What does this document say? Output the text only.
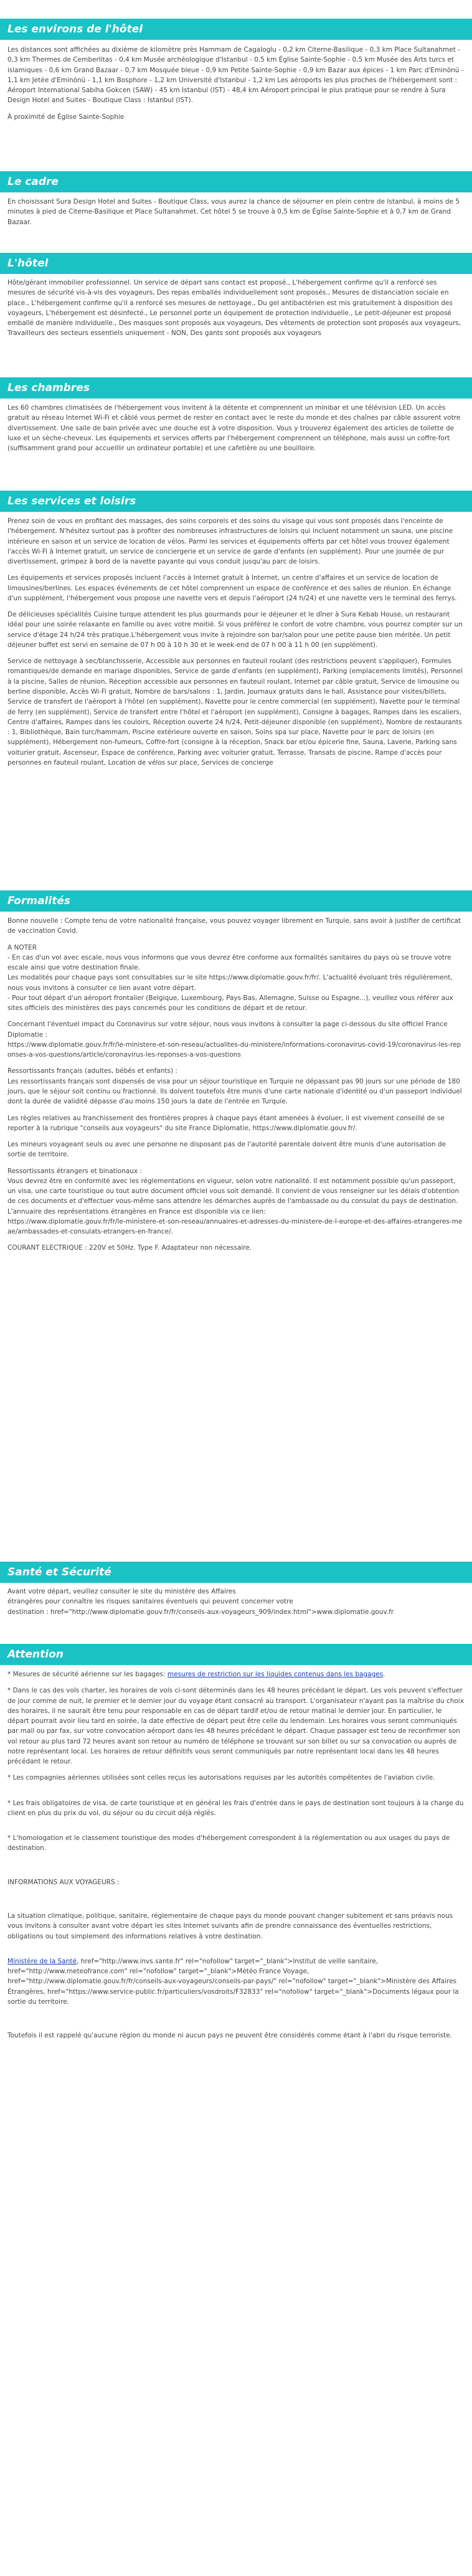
Les environs de l'hôtel

Les distances sont affichées au dixième de kilomètre près Hammam de Cagaloglu - 0,2 km Citerne-Basilique - 0,3 km Place Sultanahmet - 0,3 km Thermes de Cemberlitas - 0,4 km Musée archéologique d'Istanbul - 0,5 km Église Sainte-Sophie - 0,5 km Musée des Arts turcs et islamiques - 0,6 km Grand Bazaar - 0,7 km Mosquée bleue - 0,9 km Petite Sainte-Sophie - 0,9 km Bazar aux épices - 1 km Parc d'Eminönü - 1,1 km Jetée d'Eminönü - 1,1 km Bosphore - 1,2 km Université d'Istanbul - 1,2 km Les aéroports les plus proches de l'hébergement sont : Aéroport International Sabiha Gokcen (SAW) - 45 km Istanbul (IST) - 48,4 km Aéroport principal le plus pratique pour se rendre à Sura Design Hotel and Suites - Boutique Class : Istanbul (IST).

À proximité de Église Sainte-Sophie

Le cadre

En choisissant Sura Design Hotel and Suites - Boutique Class, vous aurez la chance de séjourner en plein centre de Istanbul, à moins de 5 minutes à pied de Citerne-Basilique et Place Sultanahmet. Cet hôtel 5 se trouve à 0,5 km de Église Sainte-Sophie et à 0,7 km de Grand Bazaar.

L'hôtel

Hôte/gérant immobilier professionnel. Un service de départ sans contact est proposé., L'hébergement confirme qu'il a renforcé ses mesures de sécurité vis-à-vis des voyageurs, Des repas emballés individuellement sont proposés., Mesures de distanciation sociale en place., L'hébergement confirme qu'il a renforcé ses mesures de nettoyage., Du gel antibactérien est mis gratuitement à disposition des voyageurs, L'hébergement est désinfecté., Le personnel porte un équipement de protection individuelle., Le petit-déjeuner est proposé emballé de manière individuelle., Des masques sont proposés aux voyageurs, Des vêtements de protection sont proposés aux voyageurs, Travailleurs des secteurs essentiels uniquement - NON, Des gants sont proposés aux voyageurs

Les chambres

Les 60 chambres climatisées de l'hébergement vous invitent à la détente et comprennent un minibar et une télévision LED. Un accès gratuit au réseau Internet Wi-Fi et câblé vous permet de rester en contact avec le reste du monde et des chaînes par câble assurent votre divertissement. Une salle de bain privée avec une douche est à votre disposition. Vous y trouverez également des articles de toilette de luxe et un sèche-cheveux. Les équipements et services offerts par l'hébergement comprennent un téléphone, mais aussi un coffre-fort (suffisamment grand pour accueillir un ordinateur portable) et une cafetière ou une bouilloire.

Les services et loisirs

Prenez soin de vous en profitant des massages, des soins corporels et des soins du visage qui vous sont proposés dans l'enceinte de l'hébergement. N'hésitez surtout pas à profiter des nombreuses infrastructures de loisirs qui incluent notamment un sauna, une piscine intérieure en saison et un service de location de vélos. Parmi les services et équipements offerts par cet hôtel vous trouvez également l'accès Wi-Fi à Internet gratuit, un service de conciergerie et un service de garde d'enfants (en supplément). Pour une journée de pur divertissement, grimpez à bord de la navette payante qui vous conduit jusqu'au parc de loisirs.

Les équipements et services proposés incluent l'accès à Internet gratuit à Internet, un centre d'affaires et un service de location de limousines/berlines. Les espaces événements de cet hôtel comprennent un espace de conférence et des salles de réunion. En échange d'un supplément, l'hébergement vous propose une navette vers et depuis l'aéroport (24 h/24) et une navette vers le terminal des ferrys.

De délicieuses spécialités Cuisine turque attendent les plus gourmands pour le déjeuner et le dîner à Sura Kebab House, un restaurant idéal pour une soirée relaxante en famille ou avec votre moitié. Si vous préférez le confort de votre chambre, vous pourrez compter sur un service d'étage 24 h/24 très pratique.L'hébergement vous invite à rejoindre son bar/salon pour une petite pause bien méritée. Un petit déjeuner buffet est servi en semaine de 07 h 00 à 10 h 30 et le week-end de 07 h 00 à 11 h 00 (en supplément).

Service de nettoyage à sec/blanchisserie, Accessible aux personnes en fauteuil roulant (des restrictions peuvent s'appliquer), Formules romantiques/de demande en mariage disponibles, Service de garde d'enfants (en supplément), Parking (emplacements limités), Personnel à la piscine, Salles de réunion, Réception accessible aux personnes en fauteuil roulant, Internet par câble gratuit, Service de limousine ou berline disponible, Accès Wi-Fi gratuit, Nombre de bars/salons : 1, Jardin, Journaux gratuits dans le hall, Assistance pour visites/billets, Service de transfert de l'aéroport à l'hôtel (en supplément), Navette pour le centre commercial (en supplément), Navette pour le terminal de ferry (en supplément), Service de transfert entre l'hôtel et l'aéroport (en supplément), Consigne à bagages, Rampes dans les escaliers, Centre d'affaires, Rampes dans les couloirs, Réception ouverte 24 h/24, Petit-déjeuner disponible (en supplément), Nombre de restaurants : 1, Bibliothèque, Bain turc/hammam, Piscine extérieure ouverte en saison, Soins spa sur place, Navette pour le parc de loisirs (en supplément), Hébergement non-fumeurs, Coffre-fort (consigne à la réception, Snack bar et/ou épicerie fine, Sauna, Laverie, Parking sans voiturier gratuit, Ascenseur, Espace de conférence, Parking avec voiturier gratuit, Terrasse, Transats de piscine, Rampe d'accès pour personnes en fauteuil roulant, Location de vélos sur place, Services de concierge

Formalités

Bonne nouvelle : Compte tenu de votre nationalité française, vous pouvez voyager librement en Turquie, sans avoir à justifier de certificat de vaccination Covid.

A NOTER
- En cas d'un vol avec escale, nous vous informons que vous devrez être conforme aux formalités sanitaires du pays où se trouve votre escale ainsi que votre destination finale.
Les modalités pour chaque pays sont consultables sur le site https://www.diplomatie.gouv.fr/fr/. L'actualité évoluant très régulièrement, nous vous invitons à consulter ce lien avant votre départ.
- Pour tout départ d'un aéroport frontalier (Belgique, Luxembourg, Pays-Bas, Allemagne, Suisse ou Espagne...), veuillez vous référer aux sites officiels des ministères des pays concernés pour les conditions de départ et de retour.
Concernant l'éventuel impact du Coronavirus sur votre séjour, nous vous invitons à consulter la page ci-dessous du site officiel France Diplomatie :
https://www.diplomatie.gouv.fr/fr/le-ministere-et-son-reseau/actualites-du-ministere/informations-coronavirus-covid-19/coronavirus-les-reponses-a-vos-questions/article/coronavirus-les-reponses-a-vos-questions
Ressortissants français (adultes, bébés et enfants) :
Les ressortissants français sont dispensés de visa pour un séjour touristique en Turquie ne dépassant pas 90 jours sur une période de 180 jours, que le séjour soit continu ou fractionné. Ils doivent toutefois être munis d'une carte nationale d'identité ou d'un passeport individuel dont la durée de validité dépasse d'au moins 150 jours la date de l'entrée en Turquie.

Les règles relatives au franchissement des frontières propres à chaque pays étant amenées à évoluer, il est vivement conseillé de se reporter à la rubrique "conseils aux voyageurs" du site France Diplomatie, https://www.diplomatie.gouv.fr/.

Les mineurs voyageant seuls ou avec une personne ne disposant pas de l'autorité parentale doivent être munis d'une autorisation de sortie de territoire.

Ressortissants étrangers et binationaux :
Vous devrez être en conformité avec les réglementations en vigueur, selon votre nationalité. Il est notamment possible qu'un passeport, un visa, une carte touristique ou tout autre document officiel vous soit demandé. Il convient de vous renseigner sur les délais d'obtention de ces documents et d'effectuer vous-même sans attendre les démarches auprès de l'ambassade ou du consulat du pays de destination.
L'annuaire des représentations étrangères en France est disponible via ce lien:
https://www.diplomatie.gouv.fr/fr/le-ministere-et-son-reseau/annuaires-et-adresses-du-ministere-de-l-europe-et-des-affaires-etrangeres-meae/ambassades-et-consulats-etrangers-en-france/.

COURANT ELECTRIQUE : 220V et 50Hz. Type F. Adaptateur non nécessaire.

Santé et Sécurité
Avant votre départ, veuillez consulter le site du ministère des Affaires
étrangères pour connaître les risques sanitaires éventuels qui peuvent concerner votre
destination : href="http://www.diplomatie.gouv.fr/fr/conseils-aux-voyageurs_909/index.html">www.diplomatie.gouv.fr
Attention

* Mesures de sécurité aérienne sur les bagages: mesures de restriction sur les liquides contenus dans les bagages.

* Dans le cas des vols charter, les horaires de vols ci-sont déterminés dans les 48 heures précédant le départ. Les vols peuvent s'effectuer de jour comme de nuit, le premier et le dernier jour du voyage étant consacré au transport. L'organisateur n'ayant pas la maîtrise du choix des horaires, il ne saurait être tenu pour responsable en cas de départ tardif et/ou de retour matinal le dernier jour. En particulier, le départ pourrait avoir lieu tard en soirée, la date effective de départ peut être celle du lendemain. Les horaires vous seront communiqués par mail ou par fax, sur votre convocation aéroport dans les 48 heures précédant le départ. Chaque passager est tenu de reconfirmer son vol retour au plus tard 72 heures avant son retour au numéro de téléphone se trouvant sur son billet ou sur sa convocation ou auprès de notre représentant local. Les horaires de retour définitifs vous seront communiqués par notre représentant local dans les 48 heures précédant le retour.

* Les compagnies aériennes utilisées sont celles reçus les autorisations requises par les autorités compétentes de l'aviation civile.

* Les frais obligatoires de visa, de carte touristique et en général les frais d'entrée dans le pays de destination sont toujours à la charge du client en plus du prix du vol, du séjour ou du circuit déjà réglés.

* L'homologation et le classement touristique des modes d'hébergement correspondent à la réglementation ou aux usages du pays de destination.

INFORMATIONS AUX VOYAGEURS :

La situation climatique, politique, sanitaire, réglementaire de chaque pays du monde pouvant changer subitement et sans préavis nous vous invitons à consulter avant votre départ les sites Internet suivants afin de prendre connaissance des éventuelles restrictions, obligations ou tout simplement des informations relatives à votre destination.

Ministère de la Santé, href="http://www.invs.sante.fr" rel="nofollow" target="_blank">Institut de veille sanitaire, href="http://www.meteofrance.com" rel="nofollow" target="_blank">Météo France Voyage, href="http://www.diplomatie.gouv.fr/fr/conseils-aux-voyageurs/conseils-par-pays/" rel="nofollow" target="_blank">Ministère des Affaires Étrangères, href="https://www.service-public.fr/particuliers/vosdroits/F32833" rel="nofollow" target="_blank">Documents légaux pour la sortie du territoire.

Toutefois il est rappelé qu'aucune région du monde ni aucun pays ne peuvent être considérés comme étant à l'abri du risque terroriste.
